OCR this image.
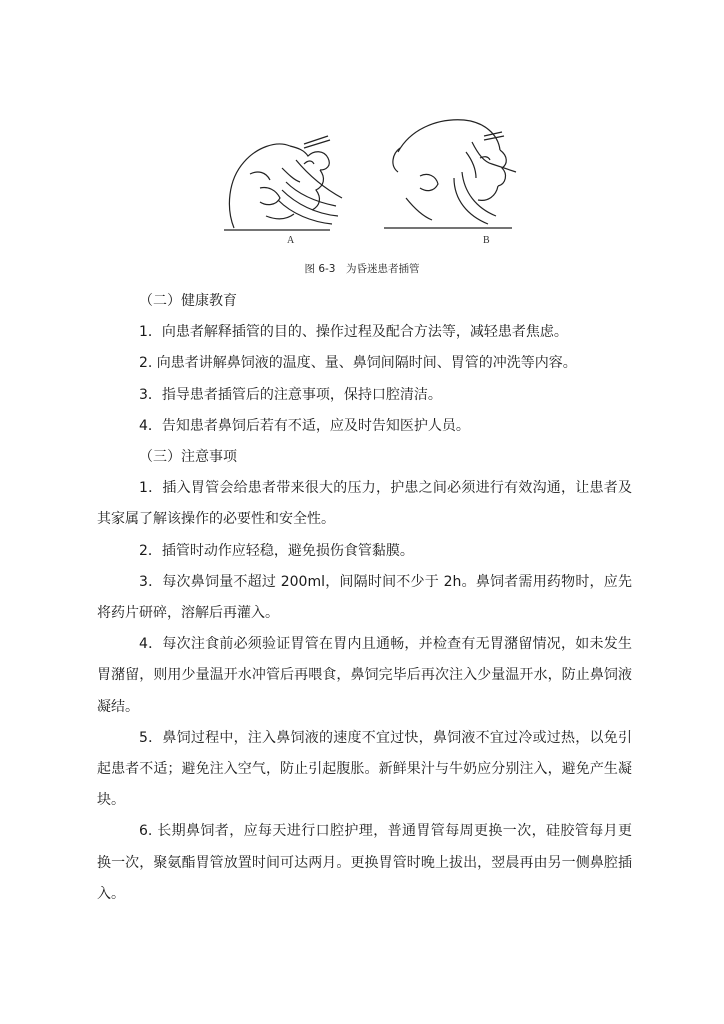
A	B
图 6-3　为昏迷患者插管

（二）健康教育

1．向患者解释插管的目的、操作过程及配合方法等，减轻患者焦虑。

2. 向患者讲解鼻饲液的温度、量、鼻饲间隔时间、胃管的冲洗等内容。

3．指导患者插管后的注意事项，保持口腔清洁。

4．告知患者鼻饲后若有不适，应及时告知医护人员。

（三）注意事项

1．插入胃管会给患者带来很大的压力，护患之间必须进行有效沟通，让患者及其家属了解该操作的必要性和安全性。

2．插管时动作应轻稳，避免损伤食管黏膜。

3．每次鼻饲量不超过 200ml，间隔时间不少于 2h。鼻饲者需用药物时，应先将药片研碎，溶解后再灌入。

4．每次注食前必须验证胃管在胃内且通畅，并检查有无胃潴留情况，如未发生胃潴留，则用少量温开水冲管后再喂食，鼻饲完毕后再次注入少量温开水，防止鼻饲液凝结。

5．鼻饲过程中，注入鼻饲液的速度不宜过快，鼻饲液不宜过冷或过热，以免引起患者不适；避免注入空气，防止引起腹胀。新鲜果汁与牛奶应分别注入，避免产生凝块。

6. 长期鼻饲者，应每天进行口腔护理，普通胃管每周更换一次，硅胶管每月更换一次，聚氨酯胃管放置时间可达两月。更换胃管时晚上拔出，翌晨再由另一侧鼻腔插入。
